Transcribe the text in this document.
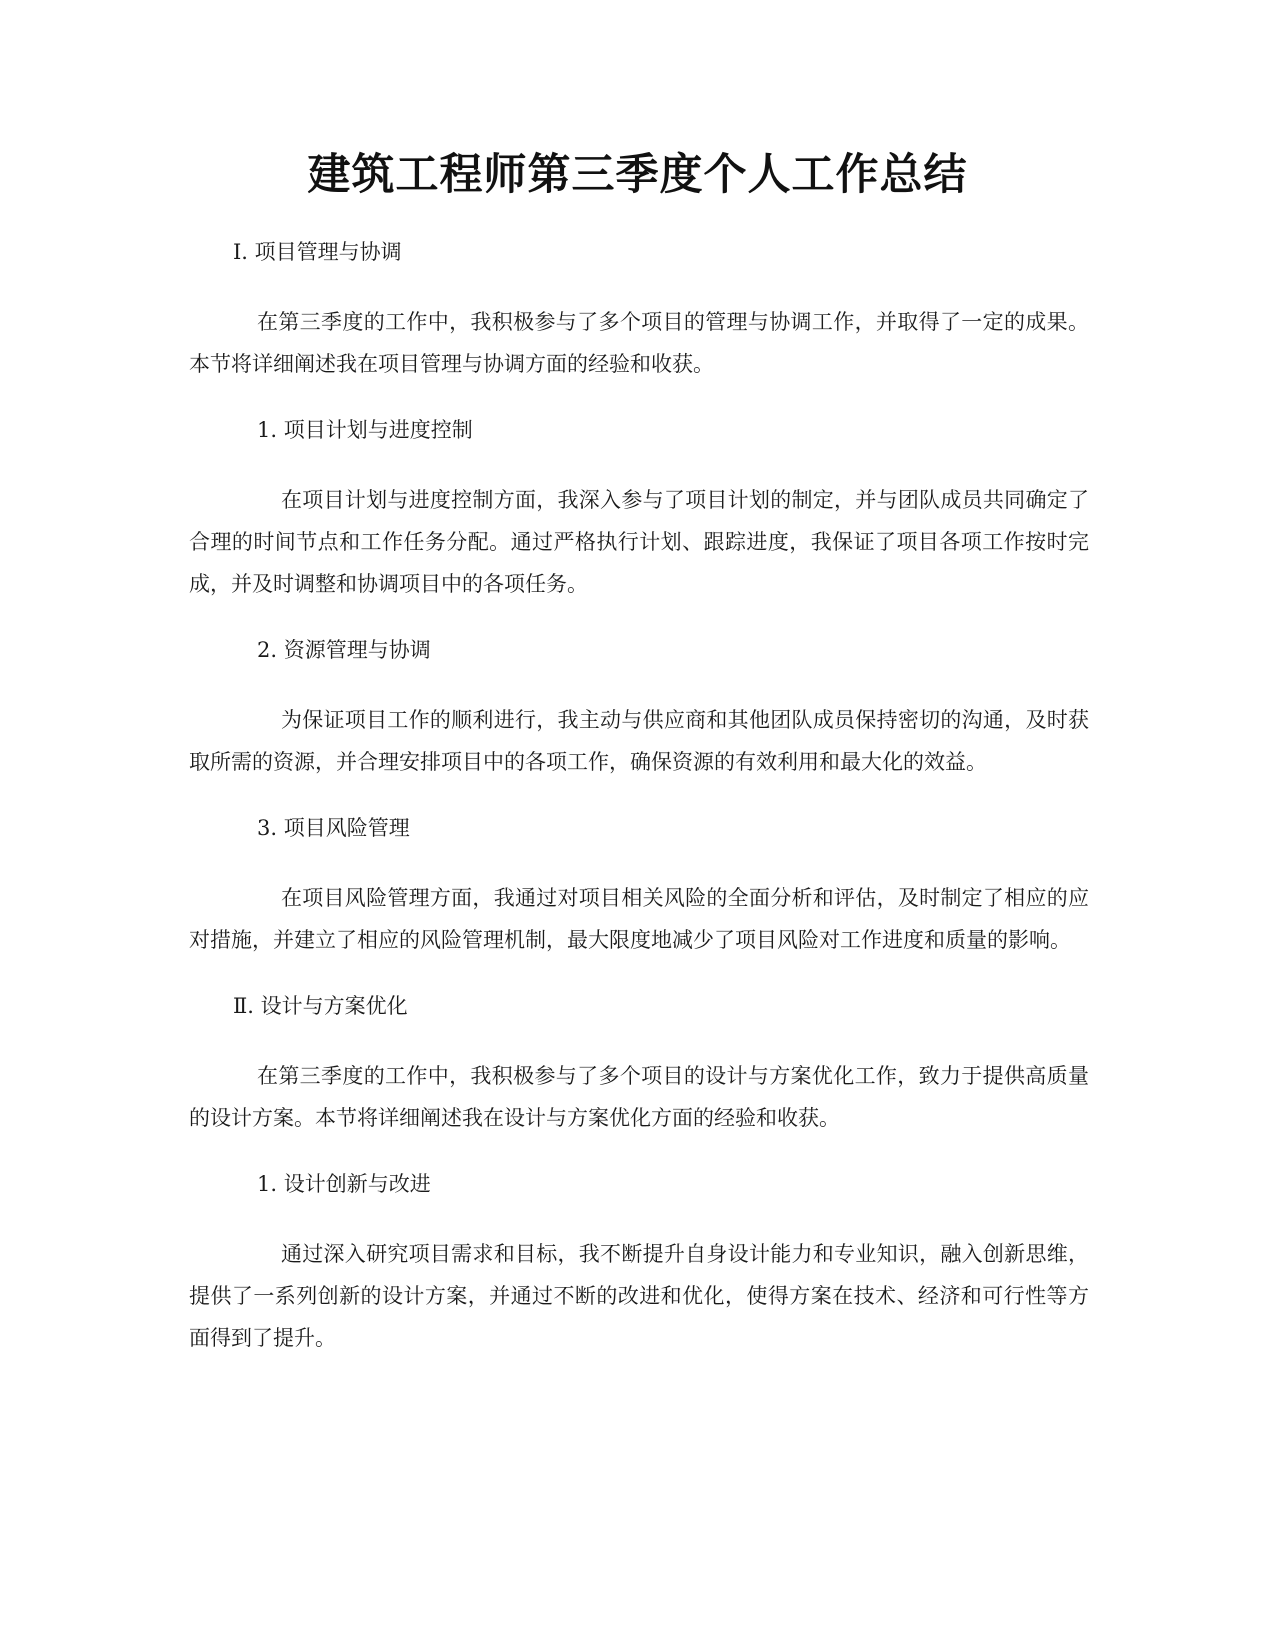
建筑工程师第三季度个人工作总结

I. 项目管理与协调

在第三季度的工作中，我积极参与了多个项目的管理与协调工作，并取得了一定的成果。本节将详细阐述我在项目管理与协调方面的经验和收获。

1. 项目计划与进度控制

在项目计划与进度控制方面，我深入参与了项目计划的制定，并与团队成员共同确定了合理的时间节点和工作任务分配。通过严格执行计划、跟踪进度，我保证了项目各项工作按时完成，并及时调整和协调项目中的各项任务。

2. 资源管理与协调

为保证项目工作的顺利进行，我主动与供应商和其他团队成员保持密切的沟通，及时获取所需的资源，并合理安排项目中的各项工作，确保资源的有效利用和最大化的效益。

3. 项目风险管理

在项目风险管理方面，我通过对项目相关风险的全面分析和评估，及时制定了相应的应对措施，并建立了相应的风险管理机制，最大限度地减少了项目风险对工作进度和质量的影响。

Ⅱ. 设计与方案优化

在第三季度的工作中，我积极参与了多个项目的设计与方案优化工作，致力于提供高质量的设计方案。本节将详细阐述我在设计与方案优化方面的经验和收获。

1. 设计创新与改进

通过深入研究项目需求和目标，我不断提升自身设计能力和专业知识，融入创新思维，提供了一系列创新的设计方案，并通过不断的改进和优化，使得方案在技术、经济和可行性等方面得到了提升。
